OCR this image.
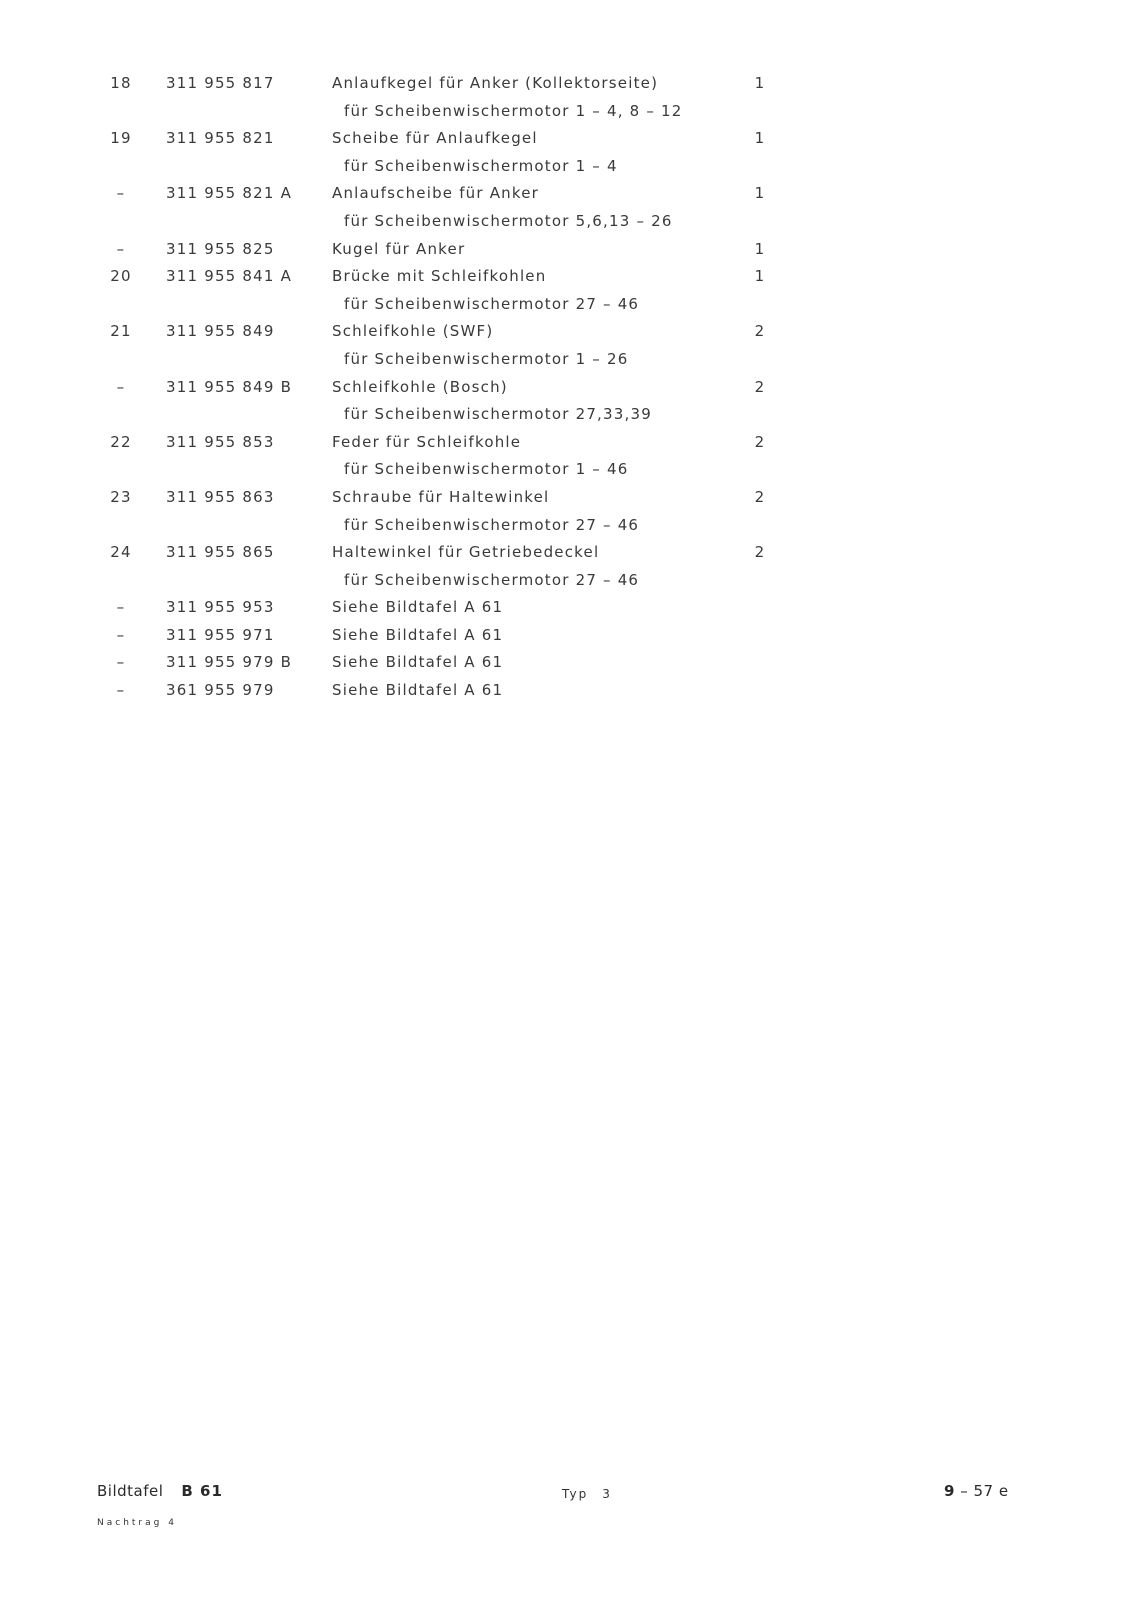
18	311 955 817	Anlaufkegel für Anker (Kollektorseite)	1
für Scheibenwischermotor 1 – 4, 8 – 12
19	311 955 821	Scheibe für Anlaufkegel	1
für Scheibenwischermotor 1 – 4
–	311 955 821 A	Anlaufscheibe für Anker	1
für Scheibenwischermotor 5,6,13 – 26
–	311 955 825	Kugel für Anker	1
20	311 955 841 A	Brücke mit Schleifkohlen	1
für Scheibenwischermotor 27 – 46
21	311 955 849	Schleifkohle (SWF)	2
für Scheibenwischermotor 1 – 26
–	311 955 849 B	Schleifkohle (Bosch)	2
für Scheibenwischermotor 27,33,39
22	311 955 853	Feder für Schleifkohle	2
für Scheibenwischermotor 1 – 46
23	311 955 863	Schraube für Haltewinkel	2
für Scheibenwischermotor 27 – 46
24	311 955 865	Haltewinkel für Getriebedeckel	2
für Scheibenwischermotor 27 – 46
–	311 955 953	Siehe Bildtafel A 61
–	311 955 971	Siehe Bildtafel A 61
–	311 955 979 B	Siehe Bildtafel A 61
–	361 955 979	Siehe Bildtafel A 61
Bildtafel B 61
Nachtrag 4
Typ 3	9 – 57 e
